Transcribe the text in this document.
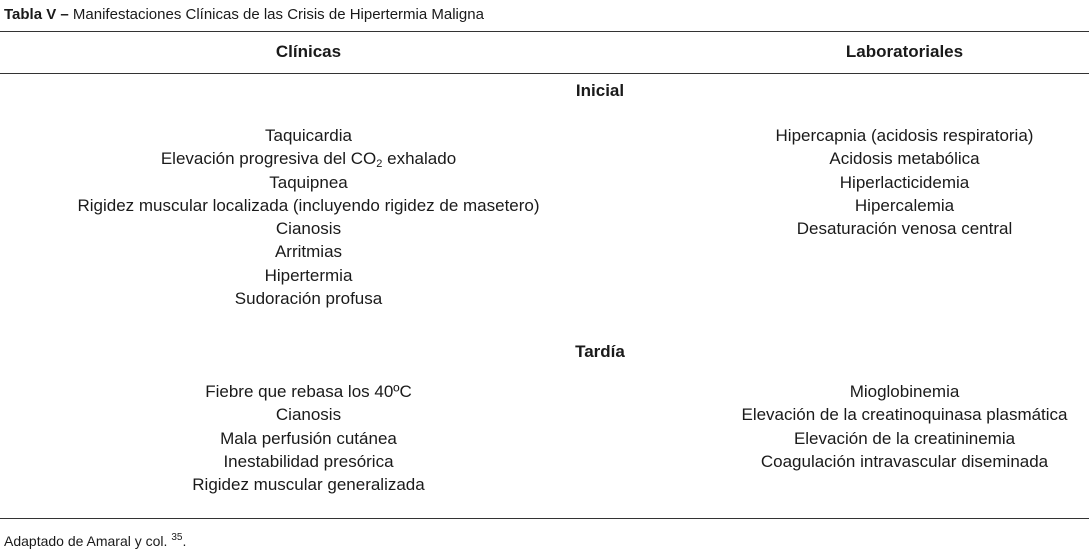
Tabla V – Manifestaciones Clínicas de las Crisis de Hipertermia Maligna
Clínicas	Laboratoriales
Inicial
Taquicardia
Elevación progresiva del $CO_2$ exhalado
Taquipnea
Rigidez muscular localizada (incluyendo rigidez de masetero)
Cianosis
Arritmias
Hipertermia
Sudoración profusa
Hipercapnia (acidosis respiratoria)
Acidosis metabólica
Hiperlacticidemia
Hipercalemia
Desaturación venosa central
Tardía
Fiebre que rebasa los 40ºC
Cianosis
Mala perfusión cutánea
Inestabilidad presórica
Rigidez muscular generalizada
Mioglobinemia
Elevación de la creatinoquinasa plasmática
Elevación de la creatininemia
Coagulación intravascular diseminada
Adaptado de Amaral y col. $^{35}$.
